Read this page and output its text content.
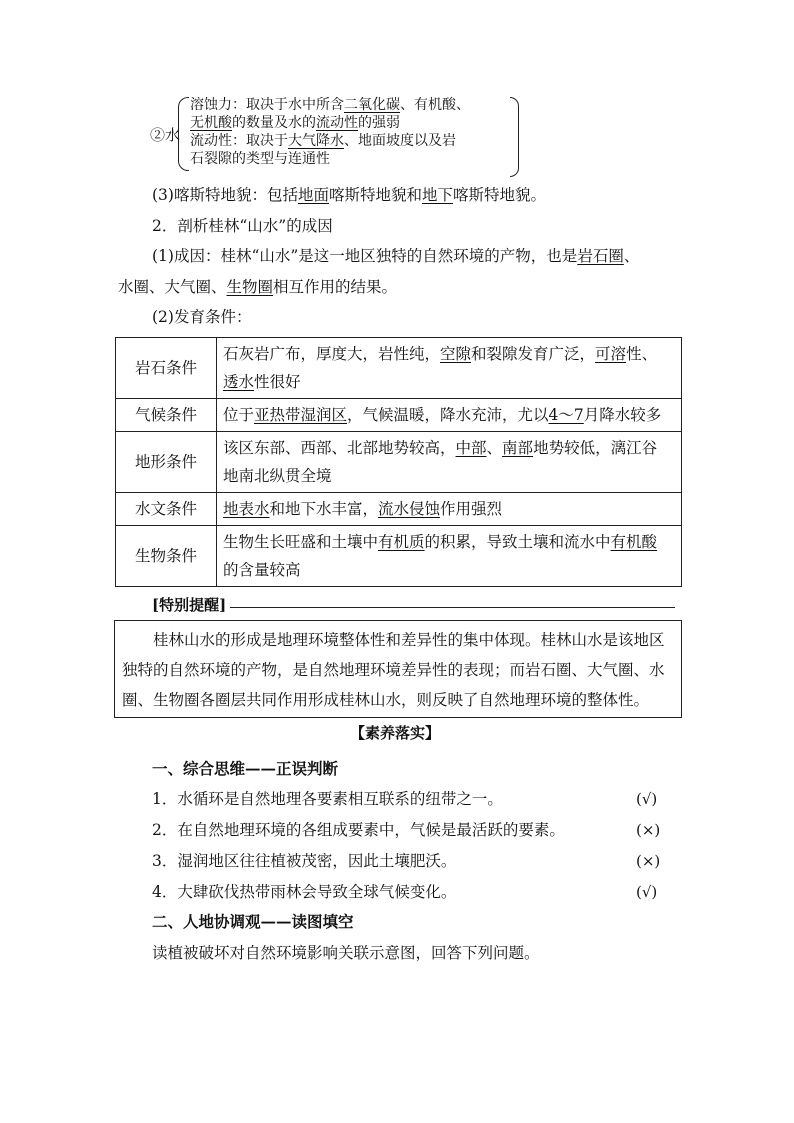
②水
溶蚀力：取决于水中所含二氧化碳、有机酸、
无机酸的数量及水的流动性的强弱
流动性：取决于大气降水、地面坡度以及岩
石裂隙的类型与连通性
(3)喀斯特地貌：包括地面喀斯特地貌和地下喀斯特地貌。
2．剖析桂林“山水”的成因
(1)成因：桂林“山水”是这一地区独特的自然环境的产物，也是岩石圈、
水圈、大气圈、生物圈相互作用的结果。
(2)发育条件：
岩石条件	石灰岩广布，厚度大，岩性纯，空隙和裂隙发育广泛，可溶性、
透水性很好
气候条件	位于亚热带湿润区，气候温暖，降水充沛，尤以4～7月降水较多
地形条件	该区东部、西部、北部地势较高，中部、南部地势较低，漓江谷
地南北纵贯全境
水文条件	地表水和地下水丰富，流水侵蚀作用强烈
生物条件	生物生长旺盛和土壤中有机质的积累，导致土壤和流水中有机酸
的含量较高
[特别提醒]
桂林山水的形成是地理环境整体性和差异性的集中体现。桂林山水是该地区独特的自然环境的产物，是自然地理环境差异性的表现；而岩石圈、大气圈、水圈、生物圈各圈层共同作用形成桂林山水，则反映了自然地理环境的整体性。
【素养落实】
一、综合思维——正误判断
1．水循环是自然地理各要素相互联系的纽带之一。	(√)
2．在自然地理环境的各组成要素中，气候是最活跃的要素。	(×)
3．湿润地区往往植被茂密，因此土壤肥沃。	(×)
4．大肆砍伐热带雨林会导致全球气候变化。	(√)
二、人地协调观——读图填空
读植被破坏对自然环境影响关联示意图，回答下列问题。
